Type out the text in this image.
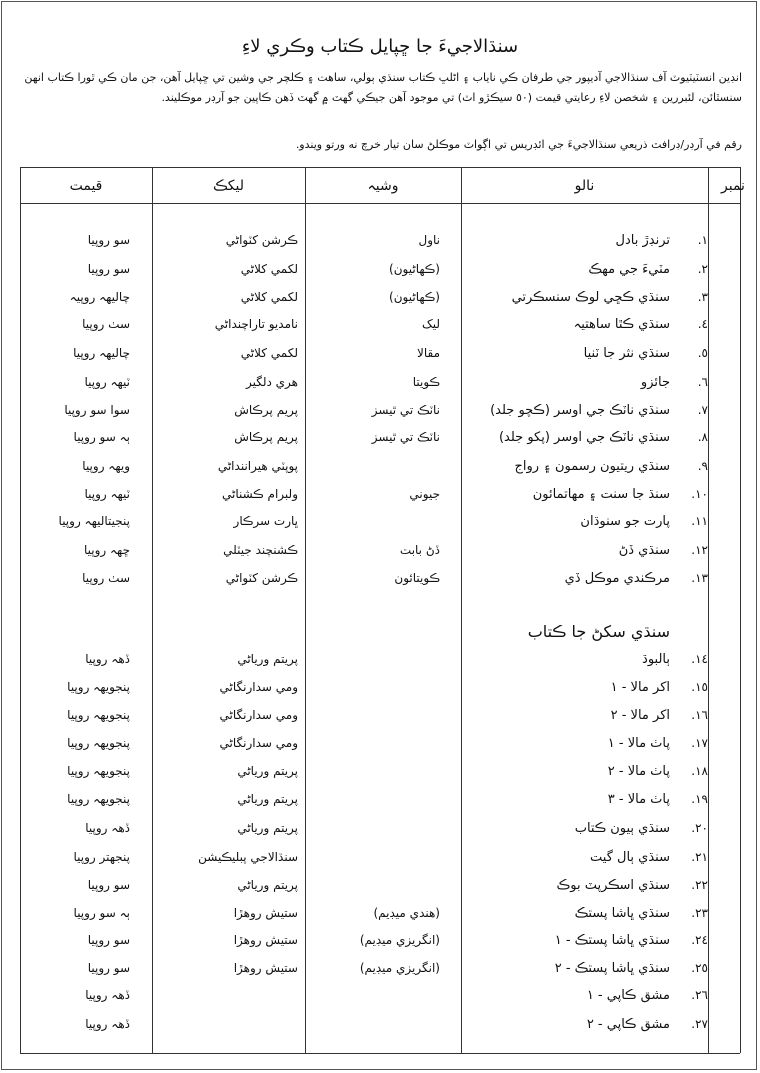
سنڌالاجيءَ جا ڇپايل ڪتاب وڪري لاءِ
انڊين انسٽيٽيوٽ آف سنڌالاجي آديپور جي طرفان ڪي ناياب ۽ اڻلڀ ڪتاب سنڌي ٻولي، ساهت ۽ ڪلچر جي وشين تي ڇپايل آهن، جن مان ڪي ٿورا ڪتاب انهن سنسٿائن، لئبررين ۽ شخصن لاءِ رعايتي قيمت (٥٠ سيڪڙو اٽ) تي موجود آهن جيڪي گهٽ ۾ گهٽ ڏهن ڪاپين جو آرڊر موڪليند.
رقم في آرڊر/ڊرافٽ ذريعي سنڌالاجيءَ جي ائڊريس تي اڳواٽ موڪلڻ سان تيار خرچ نه ورتو ويندو.
نمبر
نالو
وشيہ
ليکڪ
قيمت
سنڌي سکڻ جا ڪتاب
١.
ترنڊڙ بادل
ناول
ڪرشن کٽواڻي
سو روپيا
٢.
مٽيءَ جي مهڪ
(ڪهاڻيون)
لکمي کلاڻي
سو روپيا
٣.
سنڌي ڪڇي لوڪ سنسڪرتي
(ڪهاڻيون)
لکمي کلاڻي
چاليهہ روپيہ
٤.
سنڌي ڪٿا ساهتيہ
ليک
نامديو تاراچنداڻي
سٺ روپيا
٥.
سنڌي نثر جا ٽنيا
مقالا
لکمي کلاڻي
چاليهہ روپيا
٦.
جائزو
ڪويتا
هري دلگير
ٽيهہ روپيا
٧.
سنڌي ناٽڪ جي اوسر (ڪچو جلد)
ناٽڪ تي ٿيسز
پريم پرڪاش
سوا سو روپيا
٨.
سنڌي ناٽڪ جي اوسر (پکو جلد)
ناٽڪ تي ٿيسز
پريم پرڪاش
ٻہ سو روپيا
٩.
سنڌي ريتيون رسمون ۽ رواج
پوپٽي هيراننداڻي
ويهہ روپيا
١٠.
سنڌ جا سنت ۽ مهاتمائون
جيوني
ولبرام ڪشناڻي
ٽيهہ روپيا
١١.
پارت جو سنوڌان
ڀارت سرڪار
پنجيتاليهہ روپيا
١٢.
سنڌي ڏڻ
ڏڻ بابت
ڪشنچند جيٽلي
ڇهہ روپيا
١٣.
مرڪندي موڪل ڏي
ڪويتائون
ڪرشن کٽواڻي
سٺ روپيا
١٤.
ٻالبوڌ
پريتم ورياڻي
ڏهہ روپيا
١٥.
اکر مالا - ١
ومي سدارنگاڻي
پنجويهہ روپيا
١٦.
اکر مالا - ٢
ومي سدارنگاڻي
پنجويهہ روپيا
١٧.
پاٺ مالا - ١
ومي سدارنگاڻي
پنجويهہ روپيا
١٨.
پاٺ مالا - ٢
پريتم ورياڻي
پنجويهہ روپيا
١٩.
پاٺ مالا - ٣
پريتم ورياڻي
پنجويهہ روپيا
٢٠.
سنڌي ٻيون ڪتاب
پريتم ورياڻي
ڏهہ روپيا
٢١.
سنڌي ٻال گيت
سنڌالاجي پبليڪيشن
پنجهتر روپيا
٢٢.
سنڌي اسڪرپٽ بوڪ
پريتم ورياڻي
سو روپيا
٢٣.
سنڌي ڀاشا پستڪ
(هندي ميڊيم)
ستيش روهڙا
ٻہ سو روپيا
٢٤.
سنڌي ڀاشا پستڪ - ١
(انگريزي ميڊيم)
ستيش روهڙا
سو روپيا
٢٥.
سنڌي ڀاشا پستڪ - ٢
(انگريزي ميڊيم)
ستيش روهڙا
سو روپيا
٢٦.
مشق ڪاپي - ١
ڏهہ روپيا
٢٧.
مشق ڪاپي - ٢
ڏهہ روپيا
